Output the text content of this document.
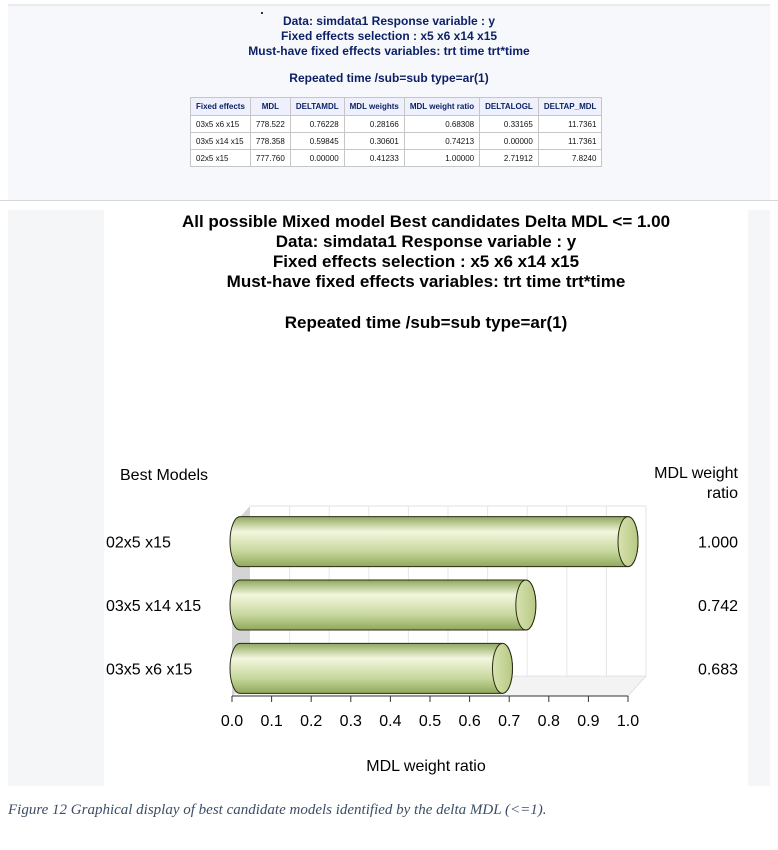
Data: simdata1 Response variable : y
Fixed effects selection : x5 x6 x14 x15
Must-have fixed effects variables: trt time trt*time
Repeated time /sub=sub type=ar(1)
Fixed effects	MDL	DELTAMDL	MDL weights	MDL weight ratio	DELTALOGL	DELTAP_MDL
03x5 x6 x15	778.522	0.76228	0.28166	0.68308	0.33165	11.7361
03x5 x14 x15	778.358	0.59845	0.30601	0.74213	0.00000	11.7361
02x5 x15	777.760	0.00000	0.41233	1.00000	2.71912	7.8240
All possible Mixed model Best candidates Delta MDL <= 1.00
Data: simdata1 Response variable : y
Fixed effects selection : x5 x6 x14 x15
Must-have fixed effects variables: trt time trt*time
Repeated time /sub=sub type=ar(1)
Best Models	MDL weight
ratio
02x5 x15
03x5 x14 x15
03x5 x6 x15
1.000
0.742
0.683
0.0 0.1 0.2 0.3 0.4 0.5 0.6 0.7 0.8 0.9 1.0
MDL weight ratio
Figure 12 Graphical display of best candidate models identified by the delta MDL (<=1).
